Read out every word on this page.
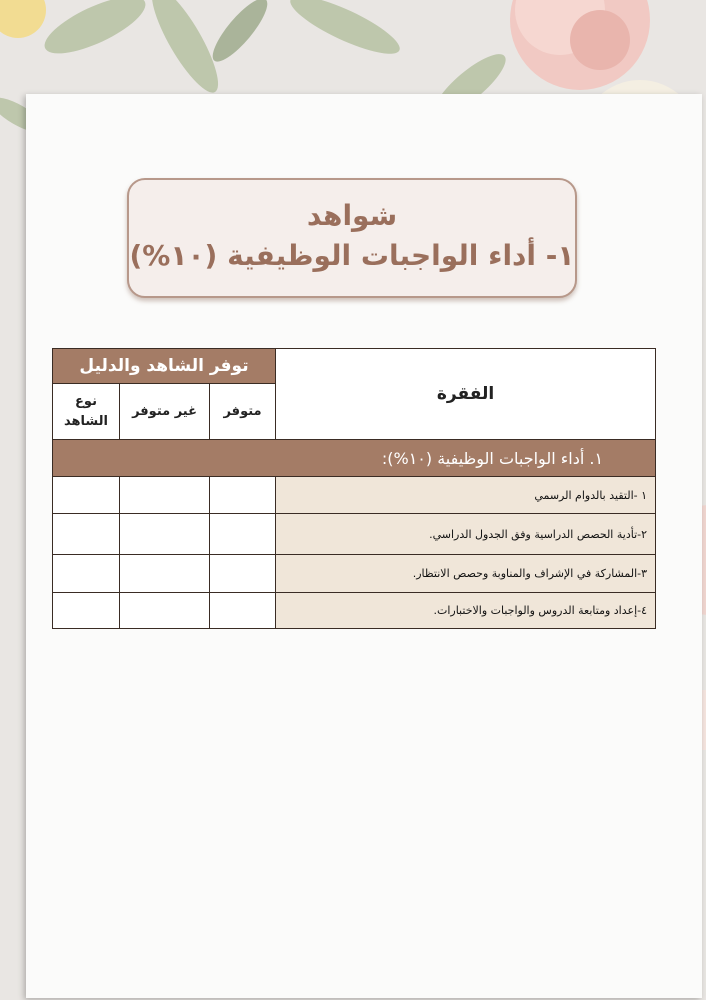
شواهد
١- أداء الواجبات الوظيفية (١٠%)
الفقرة	توفر الشاهد والدليل		
	متوفر	غير متوفر	نوع الشاهد
١. أداء الواجبات الوظيفية (١٠%):			
١ -التقيد بالدوام الرسمي			
٢-تأدية الحصص الدراسية وفق الجدول الدراسي.			
٣-المشاركة في الإشراف والمناوبة وحصص الانتظار.			
٤-إعداد ومتابعة الدروس والواجبات والاختبارات.			
